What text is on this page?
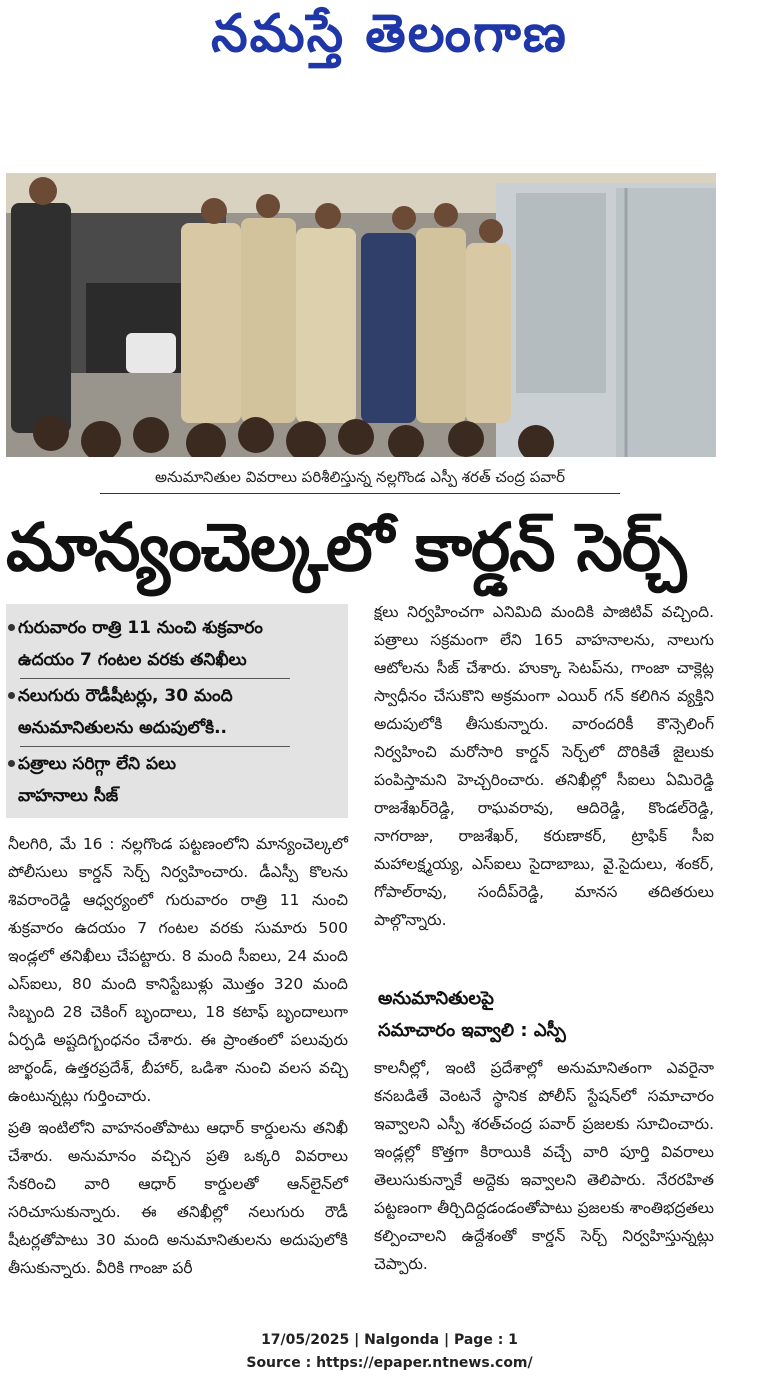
నమస్తే తెలంగాణ
అనుమానితుల వివరాలు పరిశీలిస్తున్న నల్లగొండ ఎస్పీ శరత్ చంద్ర పవార్
మాన్యంచెల్కలో కార్డన్ సెర్చ్
గురువారం రాత్రి 11 నుంచి శుక్రవారం
ఉదయం 7 గంటల వరకు తనిఖీలు
నలుగురు రౌడీషీటర్లు, 30 మంది
అనుమానితులను అదుపులోకి..
పత్రాలు సరిగ్గా లేని పలు
వాహనాలు సీజ్

నీలగిరి, మే 16 : నల్లగొండ పట్టణంలోని మాన్యంచెల్కలో పోలీసులు కార్డన్ సెర్చ్ నిర్వహించారు. డీఎస్పీ కొలను శివరాంరెడ్డి ఆధ్వర్యంలో గురువారం రాత్రి 11 నుంచి శుక్రవారం ఉదయం 7 గంటల వరకు సుమారు 500 ఇండ్లలో తనిఖీలు చేపట్టారు. 8 మంది సీఐలు, 24 మంది ఎస్ఐలు, 80 మంది కానిస్టేబుళ్లు మొత్తం 320 మంది సిబ్బంది 28 చెకింగ్ బృందాలు, 18 కటాఫ్ బృందాలుగా ఏర్పడి అష్టదిగ్బంధనం చేశారు. ఈ ప్రాంతంలో పలువురు జార్ఖండ్, ఉత్తరప్రదేశ్, బీహార్, ఒడిశా నుంచి వలస వచ్చి ఉంటున్నట్లు గుర్తించారు.

ప్రతి ఇంటిలోని వాహనంతోపాటు ఆధార్ కార్డులను తనిఖీ చేశారు. అనుమానం వచ్చిన ప్రతి ఒక్కరి వివరాలు సేకరించి వారి ఆధార్ కార్డులతో ఆన్‌లైన్‌లో సరిచూసుకున్నారు. ఈ తనిఖీల్లో నలుగురు రౌడీ షీటర్లతోపాటు 30 మంది అనుమానితులను అదుపులోకి తీసుకున్నారు. వీరికి గాంజా పరీ

క్షలు నిర్వహించగా ఎనిమిది మందికి పాజిటివ్ వచ్చింది. పత్రాలు సక్రమంగా లేని 165 వాహనాలను, నాలుగు ఆటోలను సీజ్ చేశారు. హుక్కా సెటప్‌ను, గాంజా చాక్లెట్ల స్వాధీనం చేసుకొని అక్రమంగా ఎయిర్ గన్ కలిగిన వ్యక్తిని అదుపులోకి తీసుకున్నారు. వారందరికీ కౌన్సెలింగ్ నిర్వహించి మరోసారి కార్డన్ సెర్చ్‌లో దొరికితే జైలుకు పంపిస్తామని హెచ్చరించారు. తనిఖీల్లో సీఐలు ఏమిరెడ్డి రాజశేఖర్‌రెడ్డి, రాఘవరావు, ఆదిరెడ్డి, కొండల్‌రెడ్డి, నాగరాజు, రాజశేఖర్, కరుణాకర్, ట్రాఫిక్ సీఐ మహాలక్ష్మయ్య, ఎస్ఐలు సైదాబాబు, వై.సైదులు, శంకర్, గోపాల్‌రావు, సందీప్‌రెడ్డి, మానస తదితరులు పాల్గొన్నారు.

అనుమానితులపై
సమాచారం ఇవ్వాలి : ఎస్పీ

కాలనీల్లో, ఇంటి ప్రదేశాల్లో అనుమానితంగా ఎవరైనా కనబడితే వెంటనే స్థానిక పోలీస్ స్టేషన్‌లో సమాచారం ఇవ్వాలని ఎస్పీ శరత్‌చంద్ర పవార్ ప్రజలకు సూచించారు. ఇండ్లల్లో కొత్తగా కిరాయికి వచ్చే వారి పూర్తి వివరాలు తెలుసుకున్నాకే అద్దెకు ఇవ్వాలని తెలిపారు. నేరరహిత పట్టణంగా తీర్చిదిద్దడండంతోపాటు ప్రజలకు శాంతిభద్రతలు కల్పించాలని ఉద్దేశంతో కార్డన్ సెర్చ్ నిర్వహిస్తున్నట్లు చెప్పారు.

17/05/2025 | Nalgonda | Page : 1
Source : https://epaper.ntnews.com/
